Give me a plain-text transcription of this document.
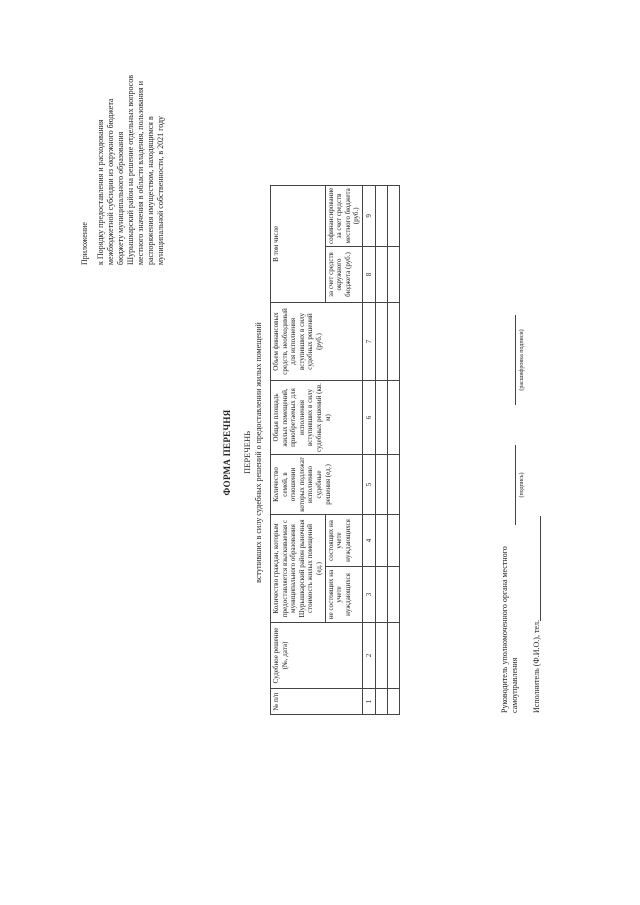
Приложение к Порядку предоставления и расходования межбюджетной субсидии из окружного бюджета бюджету муниципального образования Шурышкарский район на решение отдельных вопросов местного значения в области владения, пользования и распоряжения имуществом, находящимся в муниципальной собственности, в 2021 году
ФОРМА ПЕРЕЧНЯ ПЕРЕЧЕНЬ вступивших в силу судебных решений о предоставлении жилых помещений
№ п/п	Судебное решение (№, дата)	Количество граждан, которым предоставляется взыскиваемая с муниципального образования Шурышкарский район рыночная стоимость жилых помещений (ед.)		Количество семей, в отношении которых подлежат исполнению судебные решения (ед.)	Общая площадь жилых помещений, приобретаемых для исполнения вступивших в силу судебных решений (кв. м)	Объем финансовых средств, необходимый для исполнения вступивших в силу судебных решений (руб.)	В том числе	
		не состоящих на учете нуждающихся	состоящих на учете нуждающихся				за счет средств окружного бюджета (руб.)	софинансирование за счет средств местного бюджета (руб.)
1	2	3	4	5	6	7	8	9

Руководитель уполномоченного органа местного самоуправления
(подпись)
(расшифровка подписи)
Исполнитель (Ф.И.О.), тел.
